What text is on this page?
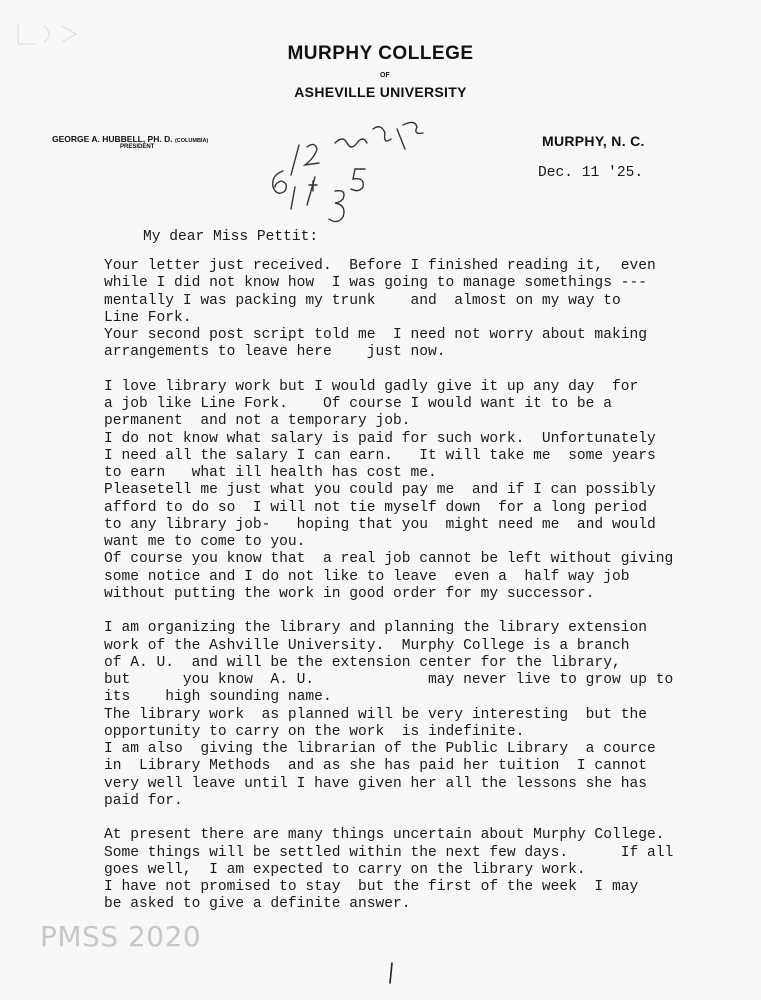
MURPHY COLLEGE
OF
ASHEVILLE UNIVERSITY
GEORGE A. HUBBELL, PH. D. (COLUMBIA)
PRESIDENT	MURPHY, N. C.
Dec. 11 '25.
My dear Miss Pettit:
Your letter just received.  Before I finished reading it,  even
while I did not know how  I was going to manage somethings ---
mentally I was packing my trunk    and  almost on my way to
Line Fork.
Your second post script told me  I need not worry about making
arrangements to leave here    just now.
I love library work but I would gadly give it up any day  for
a job like Line Fork.    Of course I would want it to be a
permanent  and not a temporary job.
I do not know what salary is paid for such work.  Unfortunately
I need all the salary I can earn.   It will take me  some years
to earn   what ill health has cost me.
Pleasetell me just what you could pay me  and if I can possibly
afford to do so  I will not tie myself down  for a long period
to any library job-   hoping that you  might need me  and would
want me to come to you.
Of course you know that  a real job cannot be left without giving
some notice and I do not like to leave  even a  half way job
without putting the work in good order for my successor.
I am organizing the library and planning the library extension
work of the Ashville University.  Murphy College is a branch
of A. U.  and will be the extension center for the library,
but      you know  A. U.             may never live to grow up to
its    high sounding name.
The library work  as planned will be very interesting  but the
opportunity to carry on the work  is indefinite.
I am also  giving the librarian of the Public Library  a cource
in  Library Methods  and as she has paid her tuition  I cannot
very well leave until I have given her all the lessons she has
paid for.
At present there are many things uncertain about Murphy College.
Some things will be settled within the next few days.      If all
goes well,  I am expected to carry on the library work.
I have not promised to stay  but the first of the week  I may
be asked to give a definite answer.
PMSS 2020
